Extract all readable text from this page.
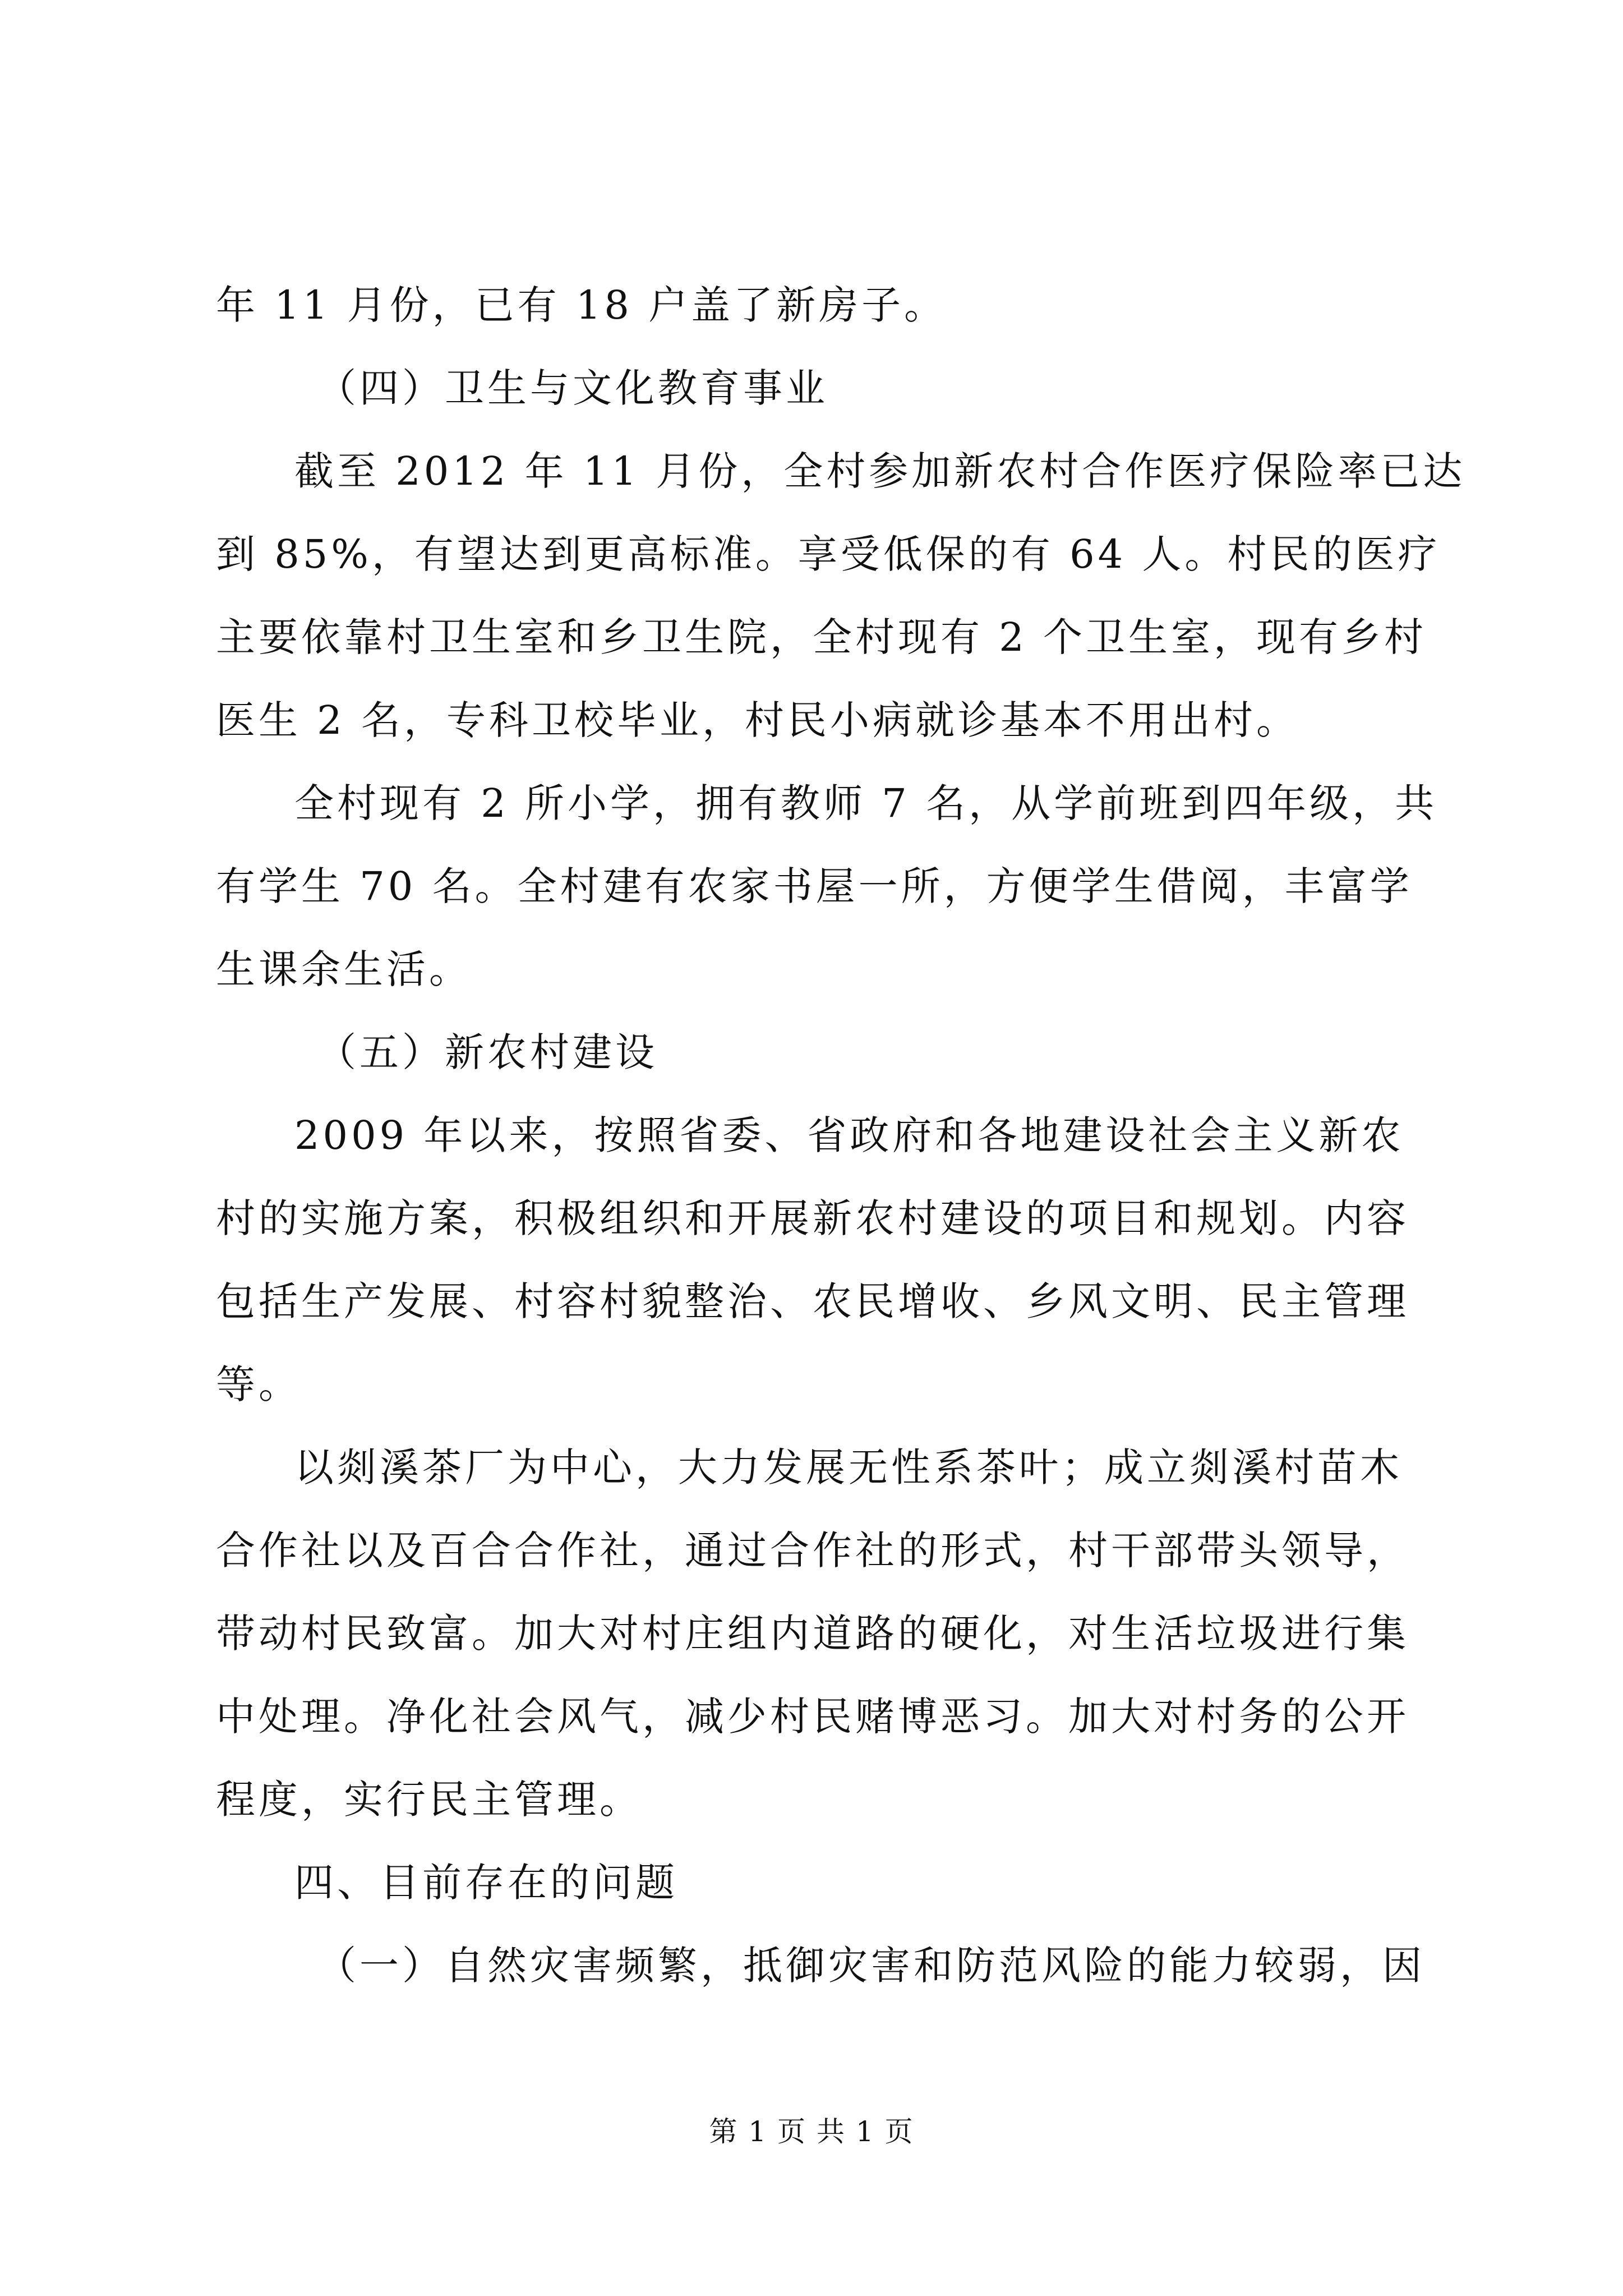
年 11 月份，已有 18 户盖了新房子。
（四）卫生与文化教育事业
截至 2012 年 11 月份，全村参加新农村合作医疗保险率已达
到 85%，有望达到更高标准。享受低保的有 64 人。村民的医疗
主要依靠村卫生室和乡卫生院，全村现有 2 个卫生室，现有乡村
医生 2 名，专科卫校毕业，村民小病就诊基本不用出村。
全村现有 2 所小学，拥有教师 7 名，从学前班到四年级，共
有学生 70 名。全村建有农家书屋一所，方便学生借阅，丰富学
生课余生活。
（五）新农村建设
2009 年以来，按照省委、省政府和各地建设社会主义新农
村的实施方案，积极组织和开展新农村建设的项目和规划。内容
包括生产发展、村容村貌整治、农民增收、乡风文明、民主管理
等。
以剡溪茶厂为中心，大力发展无性系茶叶；成立剡溪村苗木
合作社以及百合合作社，通过合作社的形式，村干部带头领导，
带动村民致富。加大对村庄组内道路的硬化，对生活垃圾进行集
中处理。净化社会风气，减少村民赌博恶习。加大对村务的公开
程度，实行民主管理。
四、目前存在的问题
（一）自然灾害频繁，抵御灾害和防范风险的能力较弱，因
第 1 页 共 1 页
